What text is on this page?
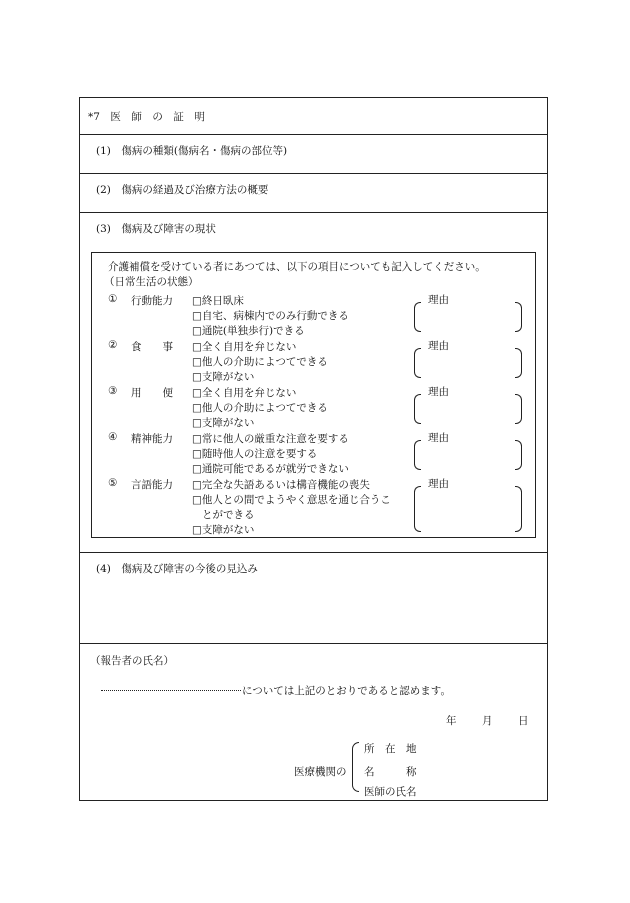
*7　医　師　の　証　明
(1)　傷病の種類(傷病名・傷病の部位等)
(2)　傷病の経過及び治療方法の概要
(3)　傷病及び障害の現状
介護補償を受けている者にあつては、以下の項目についても記入してください。
（日常生活の状態）
① 行動能力 □終日臥床
□自宅、病棟内でのみ行動できる
□通院(単独歩行)できる
理由
② 食　　事 □全く自用を弁じない
□他人の介助によつてできる
□支障がない
理由
③ 用　　便 □全く自用を弁じない
□他人の介助によつてできる
□支障がない
理由
④ 精神能力 □常に他人の厳重な注意を要する
□随時他人の注意を要する
□通院可能であるが就労できない
理由
⑤ 言語能力 □完全な失語あるいは構音機能の喪失
□他人との間でようやく意思を通じ合うこ
とができる
□支障がない
理由
(4)　傷病及び障害の今後の見込み
（報告者の氏名）
については上記のとおりであると認めます。
年 月 日
医療機関の
所　在　地
名　　　称
医師の氏名
